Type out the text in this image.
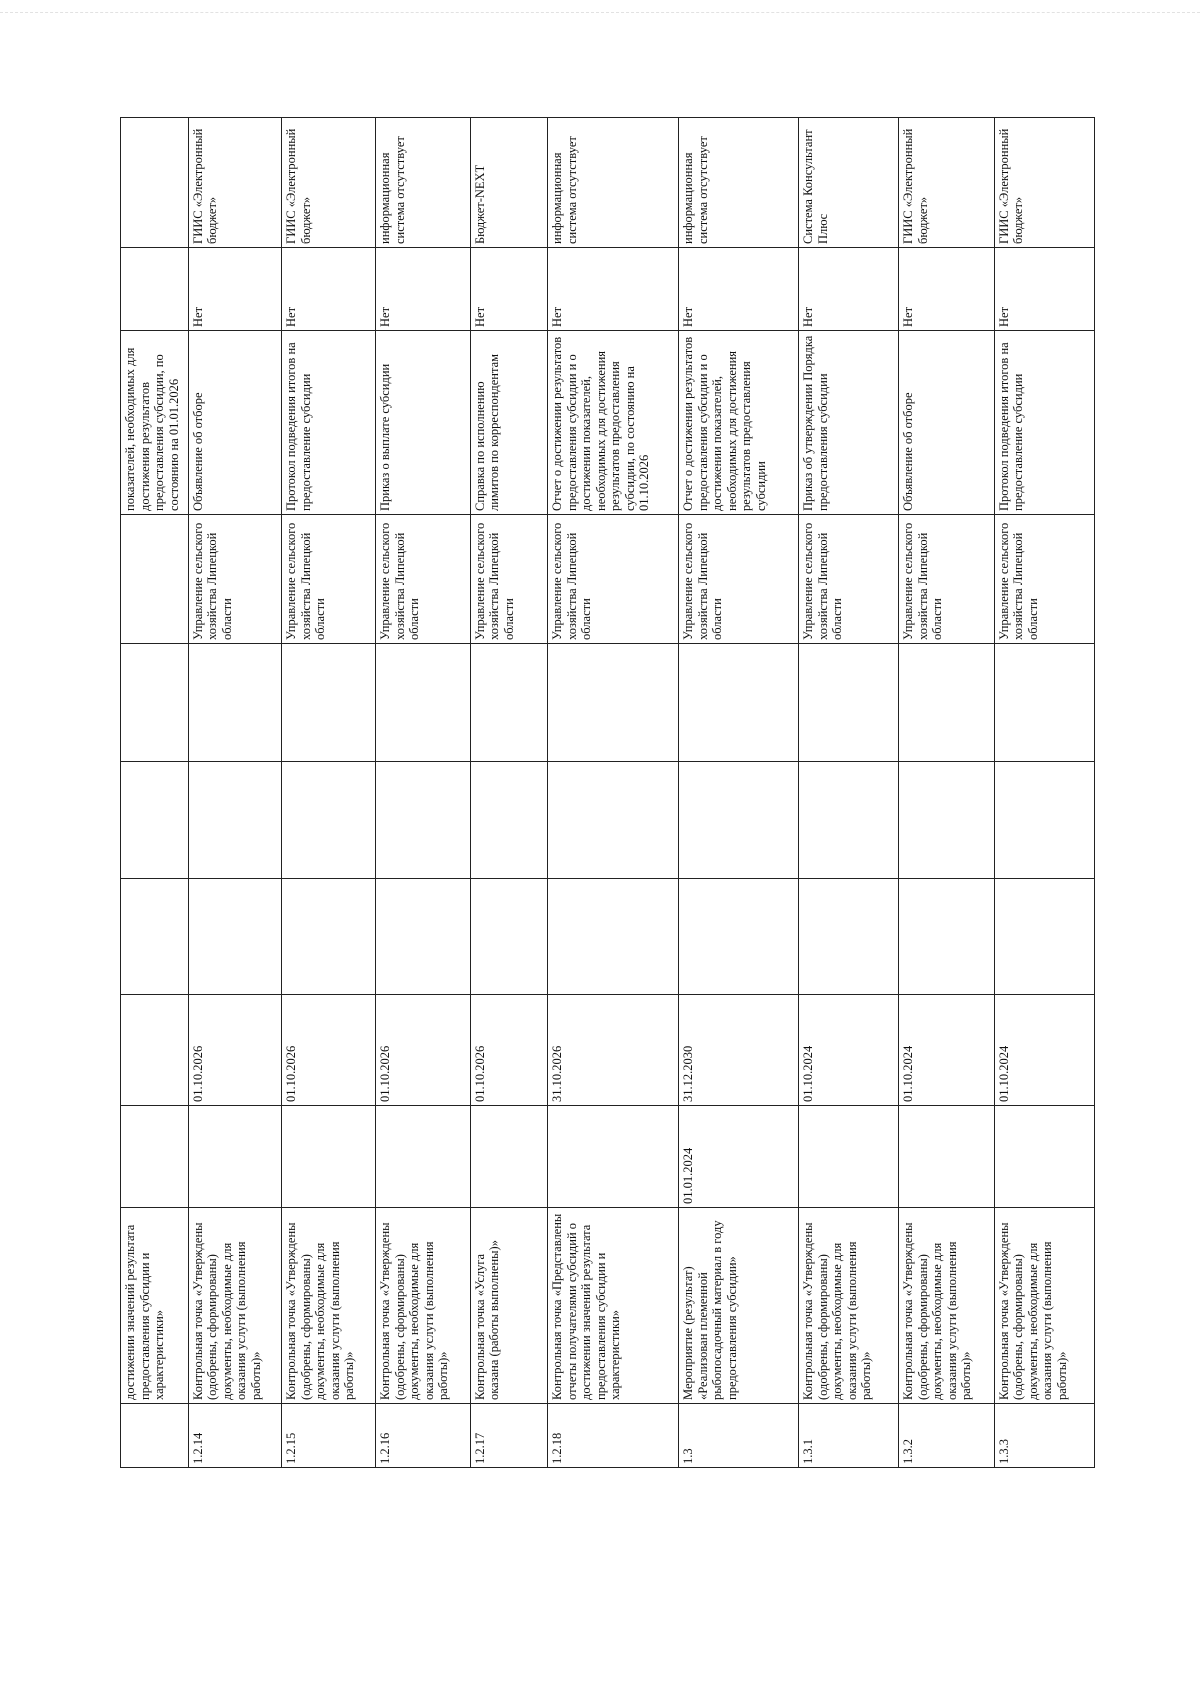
	достижении значений результата предоставления субсидии и характеристики»							показателей, необходимых для достижения результатов предоставления субсидии, по состоянию на 01.01.2026		
1.2.14	Контрольная точка «Утверждены (одобрены, сформированы) документы, необходимые для оказания услуги (выполнения работы)»		01.10.2026				Управление сельского хозяйства Липецкой области	Объявление об отборе	Нет	ГИИС «Электронный бюджет»
1.2.15	Контрольная точка «Утверждены (одобрены, сформированы) документы, необходимые для оказания услуги (выполнения работы)»		01.10.2026				Управление сельского хозяйства Липецкой области	Протокол подведения итогов на предоставление субсидии	Нет	ГИИС «Электронный бюджет»
1.2.16	Контрольная точка «Утверждены (одобрены, сформированы) документы, необходимые для оказания услуги (выполнения работы)»		01.10.2026				Управление сельского хозяйства Липецкой области	Приказ о выплате субсидии	Нет	информационная система отсутствует
1.2.17	Контрольная точка «Услуга оказана (работы выполнены)»		01.10.2026				Управление сельского хозяйства Липецкой области	Справка по исполнению лимитов по корреспондентам	Нет	Бюджет-NEXT
1.2.18	Контрольная точка «Представлены отчеты получателями субсидий о достижении значений результата предоставления субсидии и характеристики»		31.10.2026				Управление сельского хозяйства Липецкой области	Отчет о достижении результатов предоставления субсидии и о достижении показателей, необходимых для достижения результатов предоставления субсидии, по состоянию на 01.10.2026	Нет	информационная система отсутствует
1.3	Мероприятие (результат) «Реализован племенной рыбопосадочный материал в году предоставления субсидии»	01.01.2024	31.12.2030				Управление сельского хозяйства Липецкой области	Отчет о достижении результатов предоставления субсидии и о достижении показателей, необходимых для достижения результатов предоставления субсидии	Нет	информационная система отсутствует
1.3.1	Контрольная точка «Утверждены (одобрены, сформированы) документы, необходимые для оказания услуги (выполнения работы)»		01.10.2024				Управление сельского хозяйства Липецкой области	Приказ об утверждении Порядка предоставления субсидии	Нет	Система Консультант Плюс
1.3.2	Контрольная точка «Утверждены (одобрены, сформированы) документы, необходимые для оказания услуги (выполнения работы)»		01.10.2024				Управление сельского хозяйства Липецкой области	Объявление об отборе	Нет	ГИИС «Электронный бюджет»
1.3.3	Контрольная точка «Утверждены (одобрены, сформированы) документы, необходимые для оказания услуги (выполнения работы)»		01.10.2024				Управление сельского хозяйства Липецкой области	Протокол подведения итогов на предоставление субсидии	Нет	ГИИС «Электронный бюджет»
